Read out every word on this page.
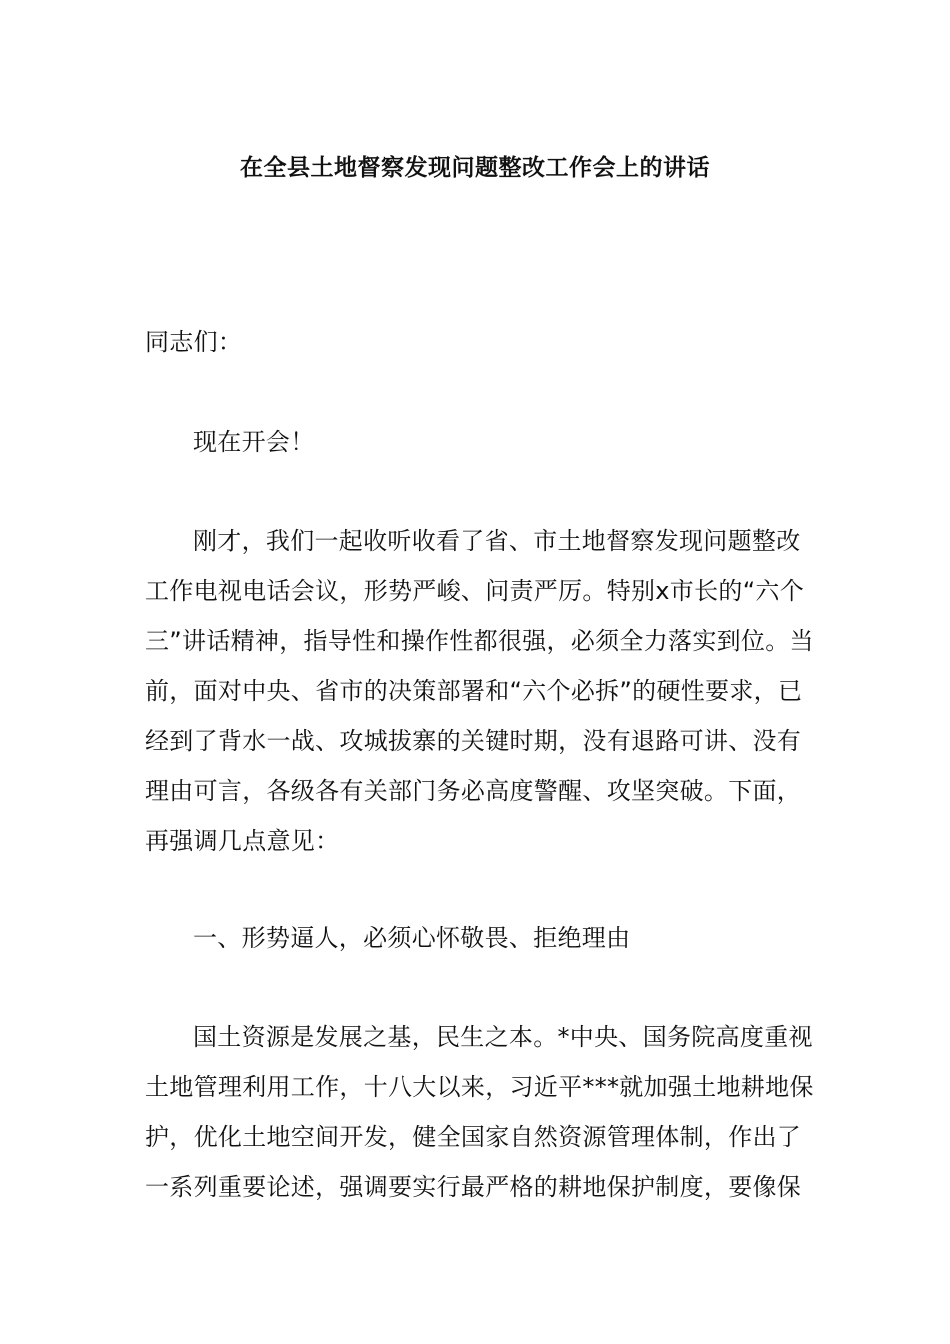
在全县土地督察发现问题整改工作会上的讲话

同志们：

现在开会！

刚才，我们一起收听收看了省、市土地督察发现问题整改工作电视电话会议，形势严峻、问责严厉。特别x市长的“六个三”讲话精神，指导性和操作性都很强，必须全力落实到位。当前，面对中央、省市的决策部署和“六个必拆”的硬性要求，已经到了背水一战、攻城拔寨的关键时期，没有退路可讲、没有理由可言，各级各有关部门务必高度警醒、攻坚突破。下面，再强调几点意见：

一、形势逼人，必须心怀敬畏、拒绝理由

国土资源是发展之基，民生之本。*中央、国务院高度重视土地管理利用工作，十八大以来，习近平***就加强土地耕地保护，优化土地空间开发，健全国家自然资源管理体制，作出了一系列重要论述，强调要实行最严格的耕地保护制度，要像保
